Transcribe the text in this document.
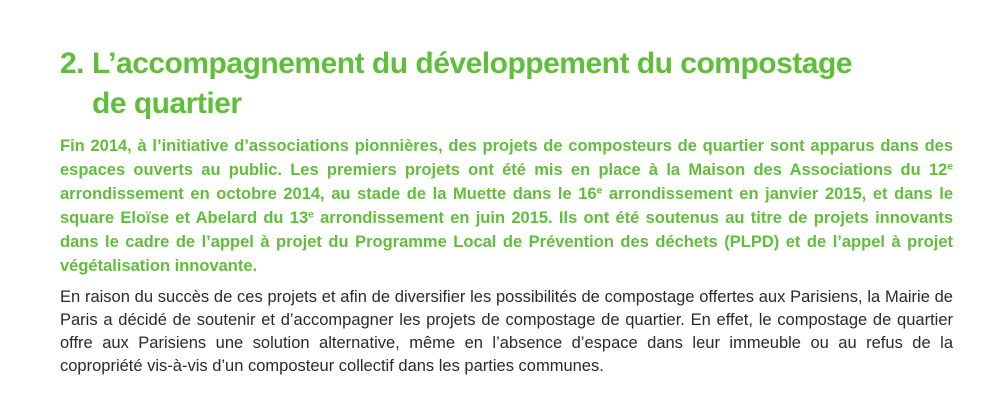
2. L’accompagnement du développement du compostage
de quartier

Fin 2014, à l’initiative d’associations pionnières, des projets de composteurs de quartier sont apparus dans des espaces ouverts au public. Les premiers projets ont été mis en place à la Maison des Associations du 12e arrondissement en octobre 2014, au stade de la Muette dans le 16e arrondissement en janvier 2015, et dans le square Eloïse et Abelard du 13e arrondissement en juin 2015. Ils ont été soutenus au titre de projets innovants dans le cadre de l’appel à projet du Programme Local de Prévention des déchets (PLPD) et de l’appel à projet végétalisation innovante.

En raison du succès de ces projets et afin de diversifier les possibilités de compostage offertes aux Parisiens, la Mairie de Paris a décidé de soutenir et d’accompagner les projets de compostage de quartier. En effet, le compostage de quartier offre aux Parisiens une solution alternative, même en l’absence d’espace dans leur immeuble ou au refus de la copropriété vis-à-vis d’un composteur collectif dans les parties communes.
